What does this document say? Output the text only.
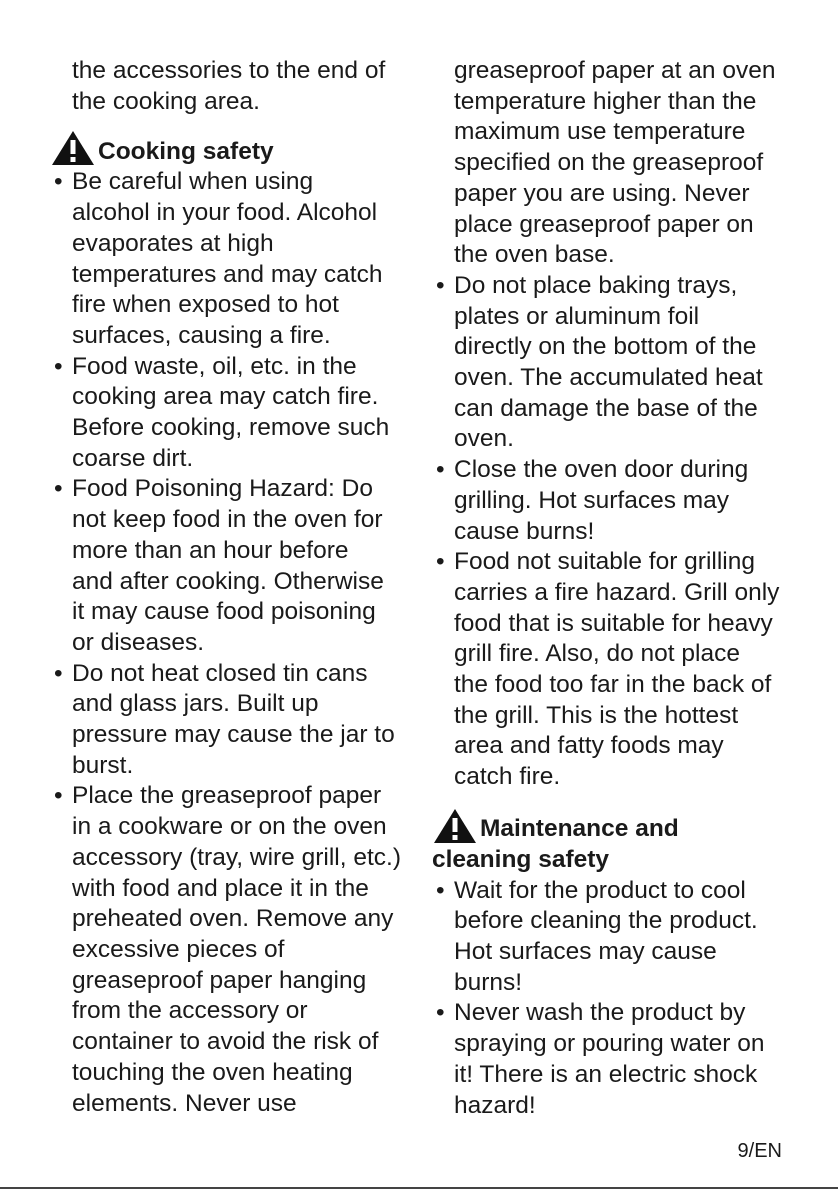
the accessories to the end of
the cooking area.

Cooking safety
• Be careful when using
alcohol in your food. Alcohol
evaporates at high
temperatures and may catch
fire when exposed to hot
surfaces, causing a fire.
• Food waste, oil, etc. in the
cooking area may catch fire.
Before cooking, remove such
coarse dirt.
• Food Poisoning Hazard: Do
not keep food in the oven for
more than an hour before
and after cooking. Otherwise
it may cause food poisoning
or diseases.
• Do not heat closed tin cans
and glass jars. Built up
pressure may cause the jar to
burst.
• Place the greaseproof paper
in a cookware or on the oven
accessory (tray, wire grill, etc.)
with food and place it in the
preheated oven. Remove any
excessive pieces of
greaseproof paper hanging
from the accessory or
container to avoid the risk of
touching the oven heating
elements. Never use

greaseproof paper at an oven
temperature higher than the
maximum use temperature
specified on the greaseproof
paper you are using. Never
place greaseproof paper on
the oven base.

• Do not place baking trays,
plates or aluminum foil
directly on the bottom of the
oven. The accumulated heat
can damage the base of the
oven.
• Close the oven door during
grilling. Hot surfaces may
cause burns!
• Food not suitable for grilling
carries a fire hazard. Grill only
food that is suitable for heavy
grill fire. Also, do not place
the food too far in the back of
the grill. This is the hottest
area and fatty foods may
catch fire.
Maintenance and
cleaning safety
• Wait for the product to cool
before cleaning the product.
Hot surfaces may cause
burns!
• Never wash the product by
spraying or pouring water on
it! There is an electric shock
hazard!
9/EN
